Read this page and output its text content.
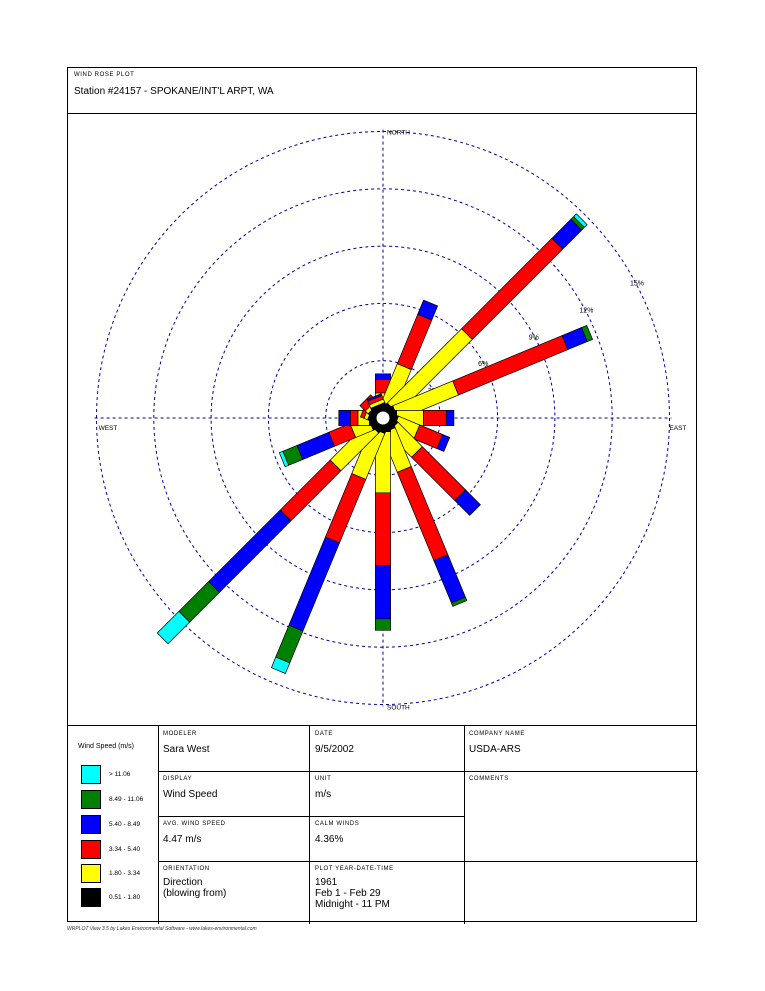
WIND ROSE PLOT
Station #24157 - SPOKANE/INT'L ARPT, WA
6%
9%
12%
15%
NORTH
SOUTH
EAST
WEST
Wind Speed (m/s)
> 11.06
8.49 - 11.06
5.40 - 8.49
3.34 - 5.40
1.80 - 3.34
0.51 - 1.80
MODELER
Sara West
DATE
9/5/2002
COMPANY NAME
USDA-ARS
DISPLAY
Wind Speed
UNIT
m/s
COMMENTS
AVG. WIND SPEED
4.47 m/s
CALM WINDS
4.36%
ORIENTATION
Direction
(blowing from)
PLOT YEAR-DATE-TIME
1961
Feb 1 - Feb 29
Midnight - 11 PM
WRPLOT View 3.5 by Lakes Environmental Software - www.lakes-environmental.com
